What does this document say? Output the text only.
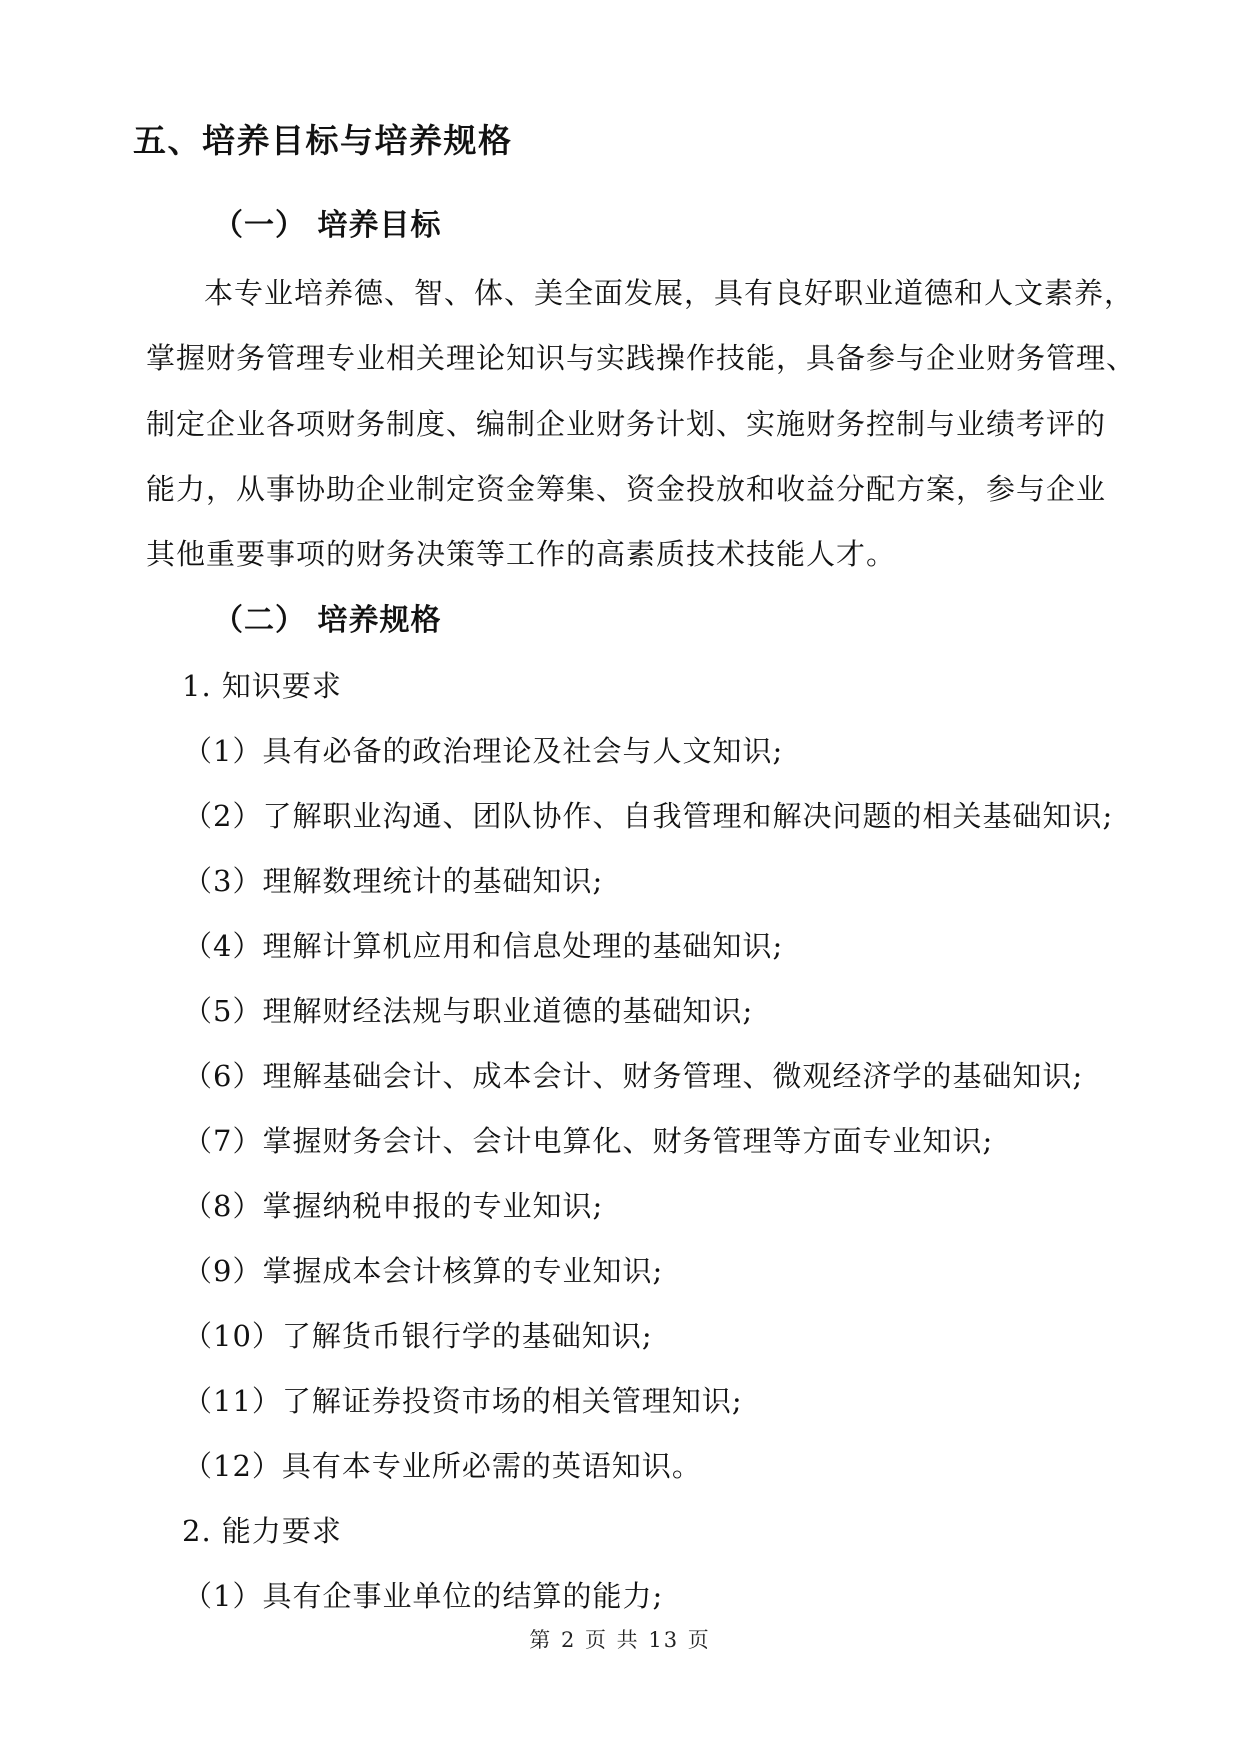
五、培养目标与培养规格
（一） 培养目标
本专业培养德、智、体、美全面发展，具有良好职业道德和人文素养，
掌握财务管理专业相关理论知识与实践操作技能，具备参与企业财务管理、
制定企业各项财务制度、编制企业财务计划、实施财务控制与业绩考评的
能力，从事协助企业制定资金筹集、资金投放和收益分配方案，参与企业
其他重要事项的财务决策等工作的高素质技术技能人才。
（二） 培养规格
1. 知识要求
（1）具有必备的政治理论及社会与人文知识;
（2）了解职业沟通、团队协作、自我管理和解决问题的相关基础知识;
（3）理解数理统计的基础知识;
（4）理解计算机应用和信息处理的基础知识;
（5）理解财经法规与职业道德的基础知识;
（6）理解基础会计、成本会计、财务管理、微观经济学的基础知识;
（7）掌握财务会计、会计电算化、财务管理等方面专业知识;
（8）掌握纳税申报的专业知识;
（9）掌握成本会计核算的专业知识;
（10）了解货币银行学的基础知识;
（11）了解证券投资市场的相关管理知识;
（12）具有本专业所必需的英语知识。
2. 能力要求
（1）具有企事业单位的结算的能力;
第 2 页 共 13 页
